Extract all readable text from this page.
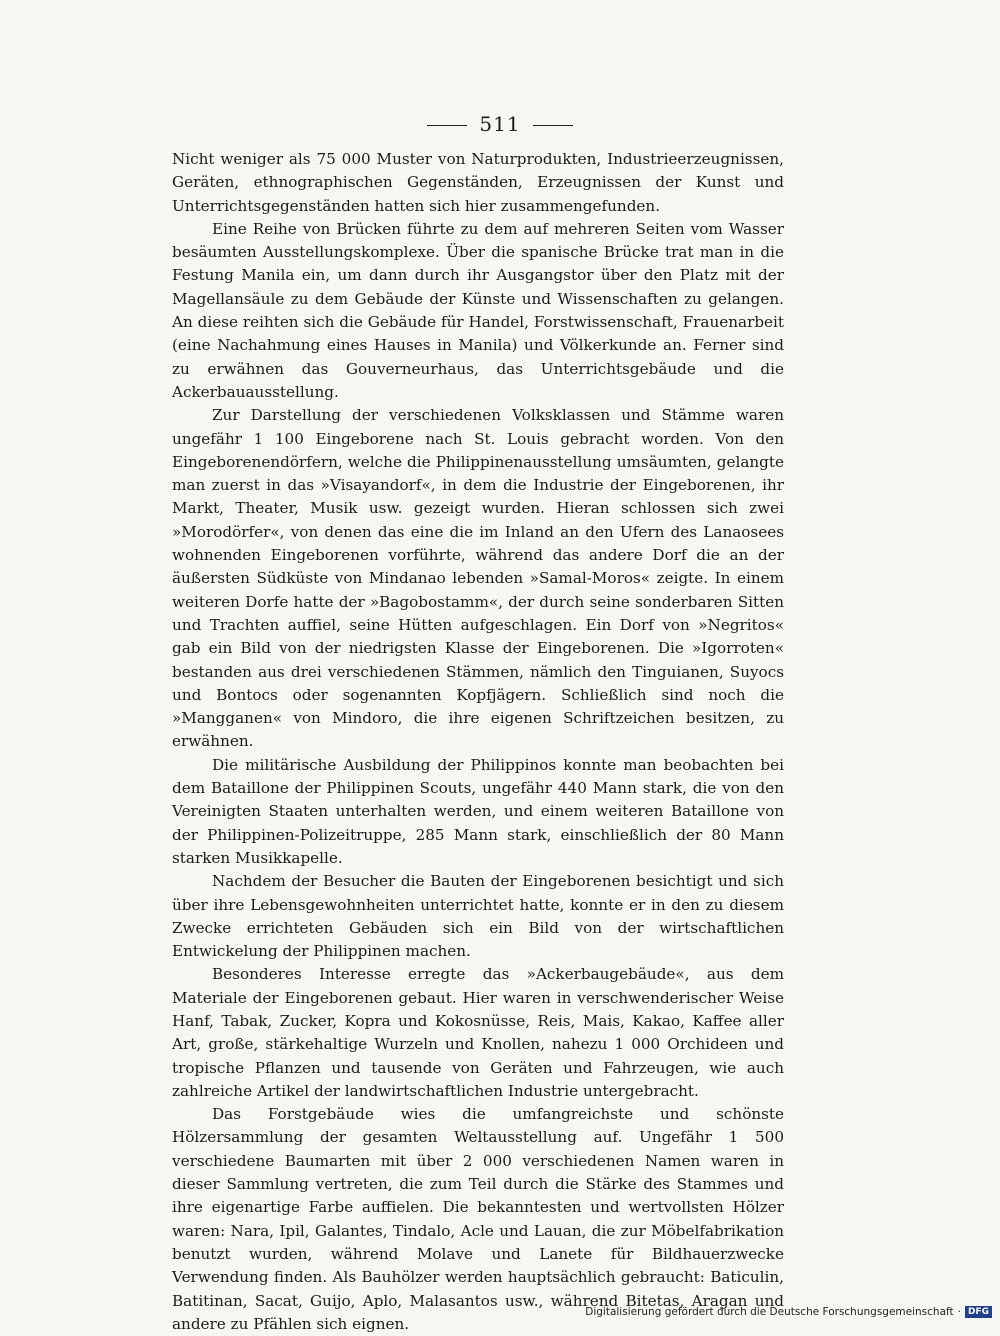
511

Nicht weniger als 75 000 Muster von Naturprodukten, Industrieerzeugnissen, Geräten, ethnographischen Gegenständen, Erzeugnissen der Kunst und Unterrichtsgegenständen hatten sich hier zusammengefunden.

Eine Reihe von Brücken führte zu dem auf mehreren Seiten vom Wasser besäumten Ausstellungskomplexe. Über die spanische Brücke trat man in die Festung Manila ein, um dann durch ihr Ausgangstor über den Platz mit der Magellansäule zu dem Gebäude der Künste und Wissenschaften zu gelangen. An diese reihten sich die Gebäude für Handel, Forstwissenschaft, Frauenarbeit (eine Nachahmung eines Hauses in Manila) und Völkerkunde an. Ferner sind zu erwähnen das Gouverneurhaus, das Unterrichtsgebäude und die Ackerbauausstellung.

Zur Darstellung der verschiedenen Volksklassen und Stämme waren ungefähr 1 100 Eingeborene nach St. Louis gebracht worden. Von den Eingeborenendörfern, welche die Philippinenausstellung umsäumten, gelangte man zuerst in das »Visayandorf«, in dem die Industrie der Eingeborenen, ihr Markt, Theater, Musik usw. gezeigt wurden. Hieran schlossen sich zwei »Morodörfer«, von denen das eine die im Inland an den Ufern des Lanaosees wohnenden Eingeborenen vorführte, während das andere Dorf die an der äußersten Südküste von Mindanao lebenden »Samal-Moros« zeigte. In einem weiteren Dorfe hatte der »Bagobostamm«, der durch seine sonderbaren Sitten und Trachten auffiel, seine Hütten aufgeschlagen. Ein Dorf von »Negritos« gab ein Bild von der niedrigsten Klasse der Eingeborenen. Die »Igorroten« bestanden aus drei verschiedenen Stämmen, nämlich den Tinguianen, Suyocs und Bontocs oder sogenannten Kopfjägern. Schließlich sind noch die »Mangganen« von Mindoro, die ihre eigenen Schriftzeichen besitzen, zu erwähnen.

Die militärische Ausbildung der Philippinos konnte man beobachten bei dem Bataillone der Philippinen Scouts, ungefähr 440 Mann stark, die von den Vereinigten Staaten unterhalten werden, und einem weiteren Bataillone von der Philippinen-Polizeitruppe, 285 Mann stark, einschließlich der 80 Mann starken Musikkapelle.

Nachdem der Besucher die Bauten der Eingeborenen besichtigt und sich über ihre Lebensgewohnheiten unterrichtet hatte, konnte er in den zu diesem Zwecke errichteten Gebäuden sich ein Bild von der wirtschaftlichen Entwickelung der Philippinen machen.

Besonderes Interesse erregte das »Ackerbaugebäude«, aus dem Materiale der Eingeborenen gebaut. Hier waren in verschwenderischer Weise Hanf, Tabak, Zucker, Kopra und Kokosnüsse, Reis, Mais, Kakao, Kaffee aller Art, große, stärkehaltige Wurzeln und Knollen, nahezu 1 000 Orchideen und tropische Pflanzen und tausende von Geräten und Fahrzeugen, wie auch zahlreiche Artikel der landwirtschaftlichen Industrie untergebracht.

Das Forstgebäude wies die umfangreichste und schönste Hölzersammlung der gesamten Weltausstellung auf. Ungefähr 1 500 verschiedene Baumarten mit über 2 000 verschiedenen Namen waren in dieser Sammlung vertreten, die zum Teil durch die Stärke des Stammes und ihre eigenartige Farbe auffielen. Die bekanntesten und wertvollsten Hölzer waren: Nara, Ipil, Galantes, Tindalo, Acle und Lauan, die zur Möbelfabrikation benutzt wurden, während Molave und Lanete für Bildhauerzwecke Verwendung finden. Als Bauhölzer werden hauptsächlich gebraucht: Baticulin, Batitinan, Sacat, Guijo, Aplo, Malasantos usw., während Bitetas, Aragan und andere zu Pfählen sich eignen.

Digitalisierung gefördert durch die Deutsche Forschungsgemeinschaft · DFG
